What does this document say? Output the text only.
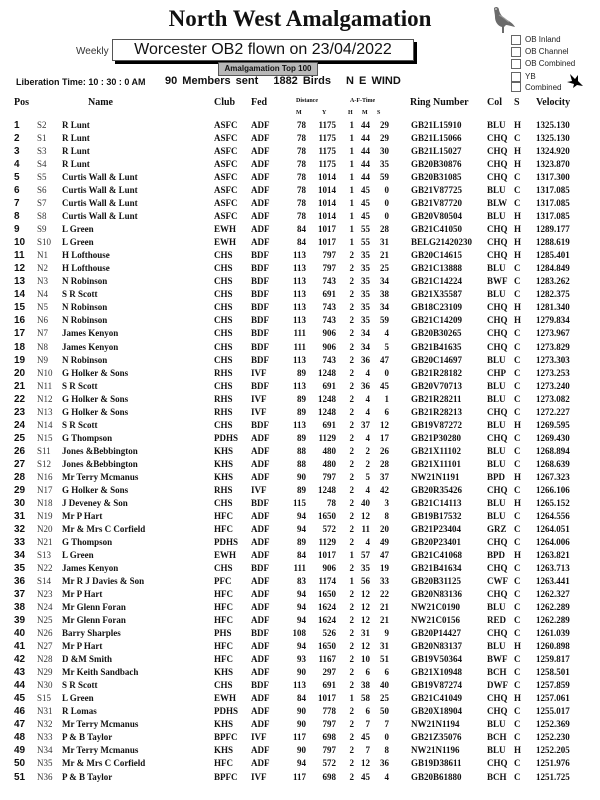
North West Amalgamation
OB Inland
OB Channel
OB Combined
YB
Combined
Weekly	Worcester OB2 flown on 23/04/2022
Amalgamation Top 100
Liberation Time: 10 : 30 : 0 AM 90 Members sent 1882 Birds N E WIND
Pos	Name	Club Fed	Distance
M	Y
A-F-Time
H M S
Ring Number Col S Velocity
1 S2 R Lunt	ASFC ADF	78	1175	1 44	29 GB21L15910	BLU H 1325.130
2 S1 R Lunt	ASFC ADF	78	1175	1 44	29 GB21L15066	CHQ C 1325.130
3 S3 R Lunt	ASFC ADF	78	1175	1 44	30 GB21L15027	CHQ H 1324.920
4 S4 R Lunt	ASFC ADF	78	1175	1 44	35 GB20B30876	CHQ H 1323.870
5 S5 Curtis Wall & Lunt	ASFC ADF	78	1014	1 44	59 GB20B31085	CHQ C 1317.300
6 S6 Curtis Wall & Lunt	ASFC ADF	78	1014	1 45	0 GB21V87725	BLU C 1317.085
7 S7 Curtis Wall & Lunt	ASFC ADF	78	1014	1 45	0 GB21V87720	BLW C 1317.085
8 S8 Curtis Wall & Lunt	ASFC ADF	78	1014	1 45	0 GB20V80504	BLU H 1317.085
9 S9 L Green	EWH ADF	84	1017	1 55	28 GB21C41050	CHQ H 1289.177
10 S10 L Green	EWH ADF	84	1017	1 55	31 BELG21420230 CHQ H 1288.619
11 N1 H Lofthouse	CHS BDF	113	797	2 35	21 GB20C14615	CHQ H 1285.401
12 N2 H Lofthouse	CHS BDF	113	797	2 35	25 GB21C13888	BLU C 1284.849
13 N3 N Robinson	CHS BDF	113	743	2 35	34 GB21C14224	BWF C 1283.262
14 N4 S R Scott	CHS BDF	113	691	2 35	38 GB21X35587	BLU C 1282.375
15 N5 N Robinson	CHS BDF	113	743	2 35	34 GB18C23109	CHQ H 1281.340
16 N6 N Robinson	CHS BDF	113	743	2 35	59 GB21C14209	CHQ H 1279.834
17 N7 James Kenyon	CHS BDF	111	906	2 34	4 GB20B30265	CHQ C 1273.967
18 N8 James Kenyon	CHS BDF	111	906	2 34	5 GB21B41635	CHQ C 1273.829
19 N9 N Robinson	CHS BDF	113	743	2 36	47 GB20C14697	BLU C 1273.303
20 N10 G Holker & Sons	RHS IVF	89	1248	2	4	0 GB21R28182	CHP C 1273.253
21 N11 S R Scott	CHS BDF	113	691	2 36	45 GB20V70713	BLU C 1273.240
22 N12 G Holker & Sons	RHS IVF	89	1248	2	4	1 GB21R28211	BLU C 1273.082
23 N13 G Holker & Sons	RHS IVF	89	1248	2	4	6 GB21R28213	CHQ C 1272.227
24 N14 S R Scott	CHS BDF	113	691	2 37	12 GB19V87272	BLU H 1269.595
25 N15 G Thompson	PDHS ADF	89	1129	2	4	17 GB21P30280	CHQ C 1269.430
26 S11 Jones &Bebbington	KHS ADF	88	480	2	2	26 GB21X11102	BLU C 1268.894
27 S12 Jones &Bebbington	KHS ADF	88	480	2	2	28 GB21X11101	BLU C 1268.639
28 N16 Mr Terry Mcmanus	KHS ADF	90	797	2	5	37 NW21N1191	BPD H 1267.323
29 N17 G Holker & Sons	RHS IVF	89	1248	2	4	42 GB20R35426	CHQ C 1266.106
30 N18 J Deveney & Son	CHS BDF	115	78	2 40	3 GB21C14113	BLU H 1265.152
31 N19 Mr P Hart	HFC ADF	94	1650	2 12	8 GB19B17532	BLU C 1264.556
32 N20 Mr & Mrs C Corfield	HFC ADF	94	572	2 11	20 GB21P23404	GRZ C 1264.051
33 N21 G Thompson	PDHS ADF	89	1129	2	4	49 GB20P23401	CHQ C 1264.006
34 S13 L Green	EWH ADF	84	1017	1 57	47 GB21C41068	BPD H 1263.821
35 N22 James Kenyon	CHS BDF	111	906	2 35	19 GB21B41634	CHQ C 1263.713
36 S14 Mr R J Davies & Son	PFC ADF	83	1174	1 56	33 GB20B31125	CWF C 1263.441
37 N23 Mr P Hart	HFC ADF	94	1650	2 12	22 GB20N83136	CHQ C 1262.327
38 N24 Mr Glenn Foran	HFC ADF	94	1624	2 12	21 NW21C0190	BLU C 1262.289
39 N25 Mr Glenn Foran	HFC ADF	94	1624	2 12	21 NW21C0156	RED C 1262.289
40 N26 Barry Sharples	PHS BDF	108	526	2 31	9 GB20P14427	CHQ C 1261.039
41 N27 Mr P Hart	HFC ADF	94	1650	2 12	31 GB20N83137	BLU H 1260.898
42 N28 D &M Smith	HFC ADF	93	1167	2 10	51 GB19V50364	BWF C 1259.817
43 N29 Mr Keith Sandbach	KHS ADF	90	297	2	6	6 GB21X10948	BCH C 1258.501
44 N30 S R Scott	CHS BDF	113	691	2 38	40 GB19V87274	DWF C 1257.859
45 S15 L Green	EWH ADF	84	1017	1 58	25 GB21C41049	CHQ H 1257.061
46 N31 R Lomas	PDHS ADF	90	778	2	6	50 GB20X18904	CHQ C 1255.017
47 N32 Mr Terry Mcmanus	KHS ADF	90	797	2	7	7 NW21N1194	BLU C 1252.369
48 N33 P & B Taylor	BPFC IVF	117	698	2 45	0 GB21Z35076	BCH C 1252.230
49 N34 Mr Terry Mcmanus	KHS ADF	90	797	2	7	8 NW21N1196	BLU H 1252.205
50 N35 Mr & Mrs C Corfield	HFC ADF	94	572	2 12	36 GB19D38611	CHQ C 1251.976
51 N36 P & B Taylor	BPFC IVF	117	698	2 45	4 GB20B61880	BCH C 1251.725
